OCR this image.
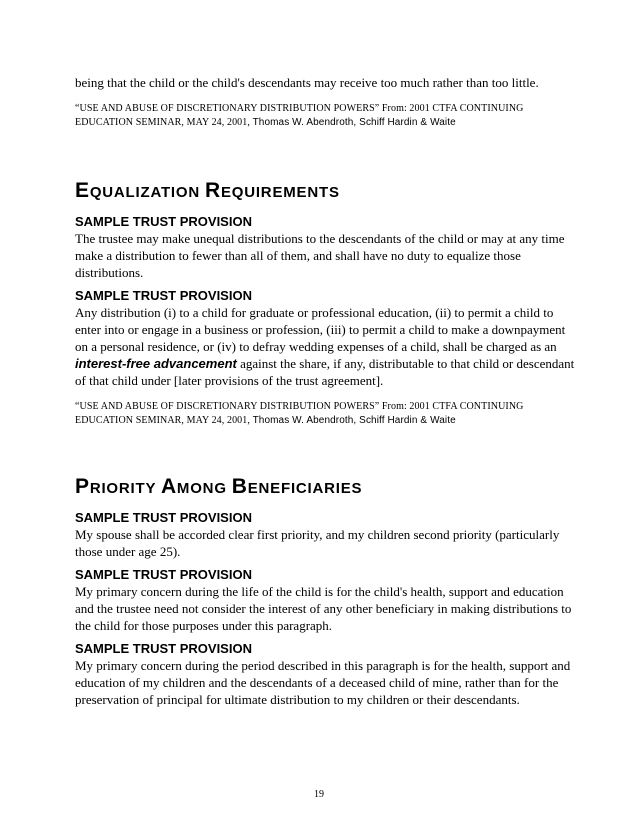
being that the child or the child's descendants may receive too much rather than too little.

“USE AND ABUSE OF DISCRETIONARY DISTRIBUTION POWERS” From: 2001 CTFA CONTINUING EDUCATION SEMINAR, MAY 24, 2001, Thomas W. Abendroth, Schiff Hardin & Waite

EQUALIZATION REQUIREMENTS

SAMPLE TRUST PROVISION

The trustee may make unequal distributions to the descendants of the child or may at any time make a distribution to fewer than all of them, and shall have no duty to equalize those distributions.

SAMPLE TRUST PROVISION

Any distribution (i) to a child for graduate or professional education, (ii) to permit a child to enter into or engage in a business or profession, (iii) to permit a child to make a downpayment on a personal residence, or (iv) to defray wedding expenses of a child, shall be charged as an interest-free advancement against the share, if any, distributable to that child or descendant of that child under [later provisions of the trust agreement].

“USE AND ABUSE OF DISCRETIONARY DISTRIBUTION POWERS” From: 2001 CTFA CONTINUING EDUCATION SEMINAR, MAY 24, 2001, Thomas W. Abendroth, Schiff Hardin & Waite

PRIORITY AMONG BENEFICIARIES

SAMPLE TRUST PROVISION

My spouse shall be accorded clear first priority, and my children second priority (particularly those under age 25).

SAMPLE TRUST PROVISION

My primary concern during the life of the child is for the child's health, support and education and the trustee need not consider the interest of any other beneficiary in making distributions to the child for those purposes under this paragraph.

SAMPLE TRUST PROVISION

My primary concern during the period described in this paragraph is for the health, support and education of my children and the descendants of a deceased child of mine, rather than for the preservation of principal for ultimate distribution to my children or their descendants.

19
